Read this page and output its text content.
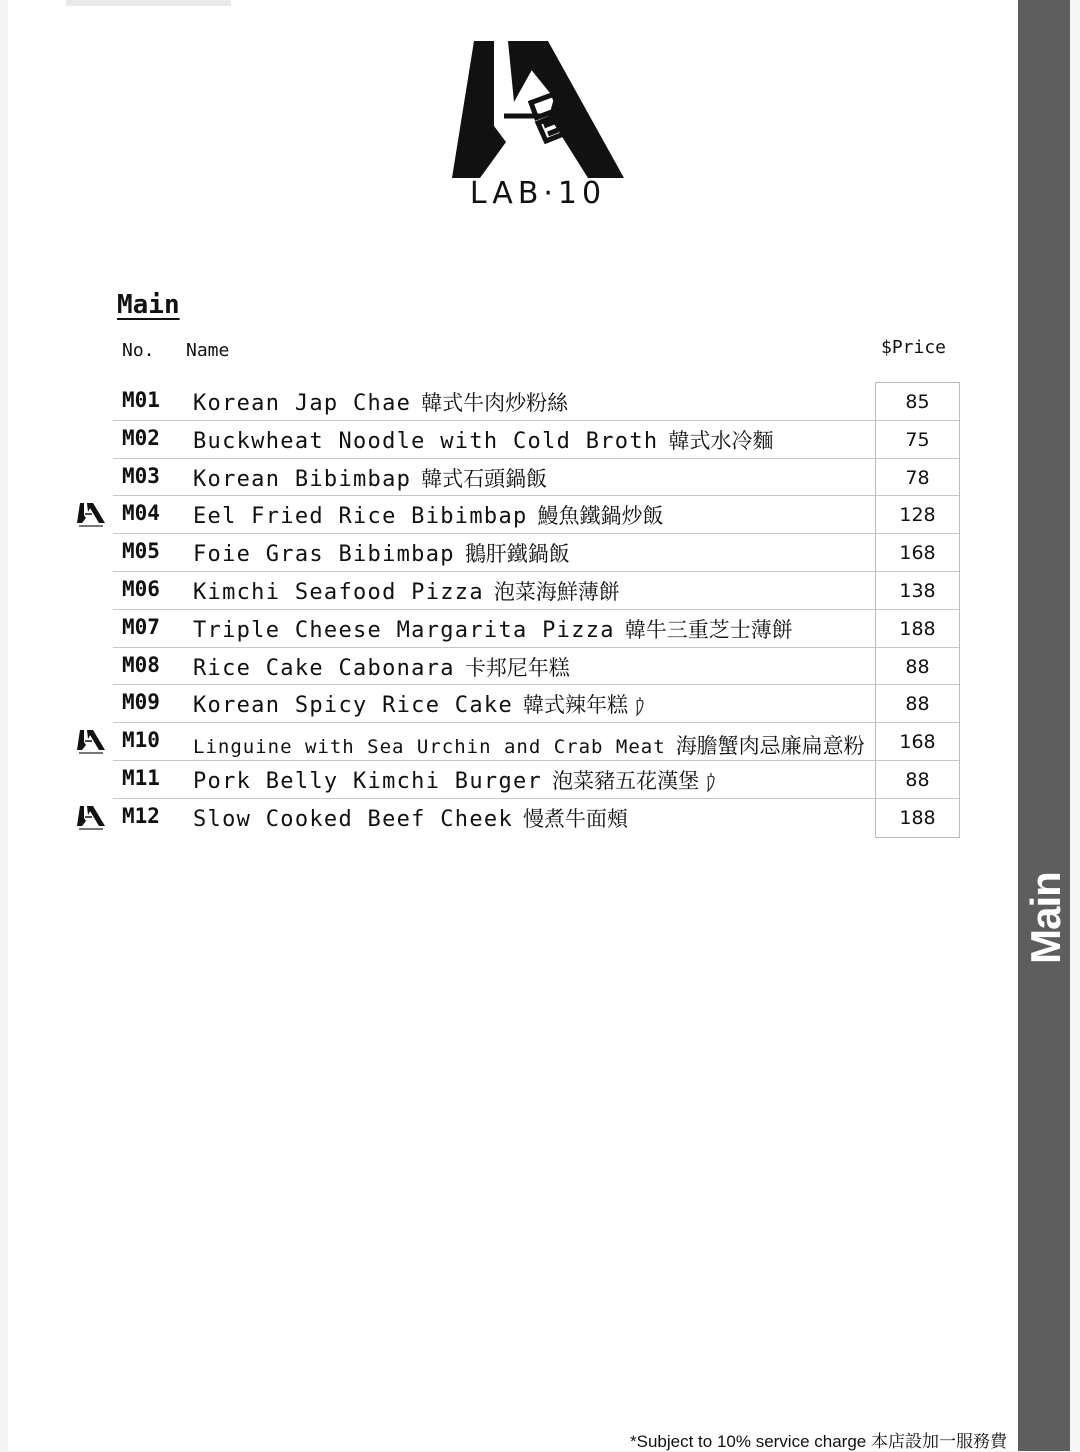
Main
LAB·10
Main
No. Name	$Price
M01 Korean Jap Chae 韓式牛肉炒粉絲	85
M02 Buckwheat Noodle with Cold Broth 韓式水冷麵	75
M03 Korean Bibimbap 韓式石頭鍋飯	78
M04 Eel Fried Rice Bibimbap 鰻魚鐵鍋炒飯	128
M05 Foie Gras Bibimbap 鵝肝鐵鍋飯	168
M06 Kimchi Seafood Pizza 泡菜海鮮薄餅	138
M07 Triple Cheese Margarita Pizza 韓牛三重芝士薄餅	188
M08 Rice Cake Cabonara 卡邦尼年糕	88
M09 Korean Spicy Rice Cake 韓式辣年糕	88
M10 Linguine with Sea Urchin and Crab Meat 海膽蟹肉忌廉扁意粉	168
M11 Pork Belly Kimchi Burger 泡菜豬五花漢堡	88
M12 Slow Cooked Beef Cheek 慢煮牛面頰	188
*Subject to 10% service charge 本店設加一服務費
